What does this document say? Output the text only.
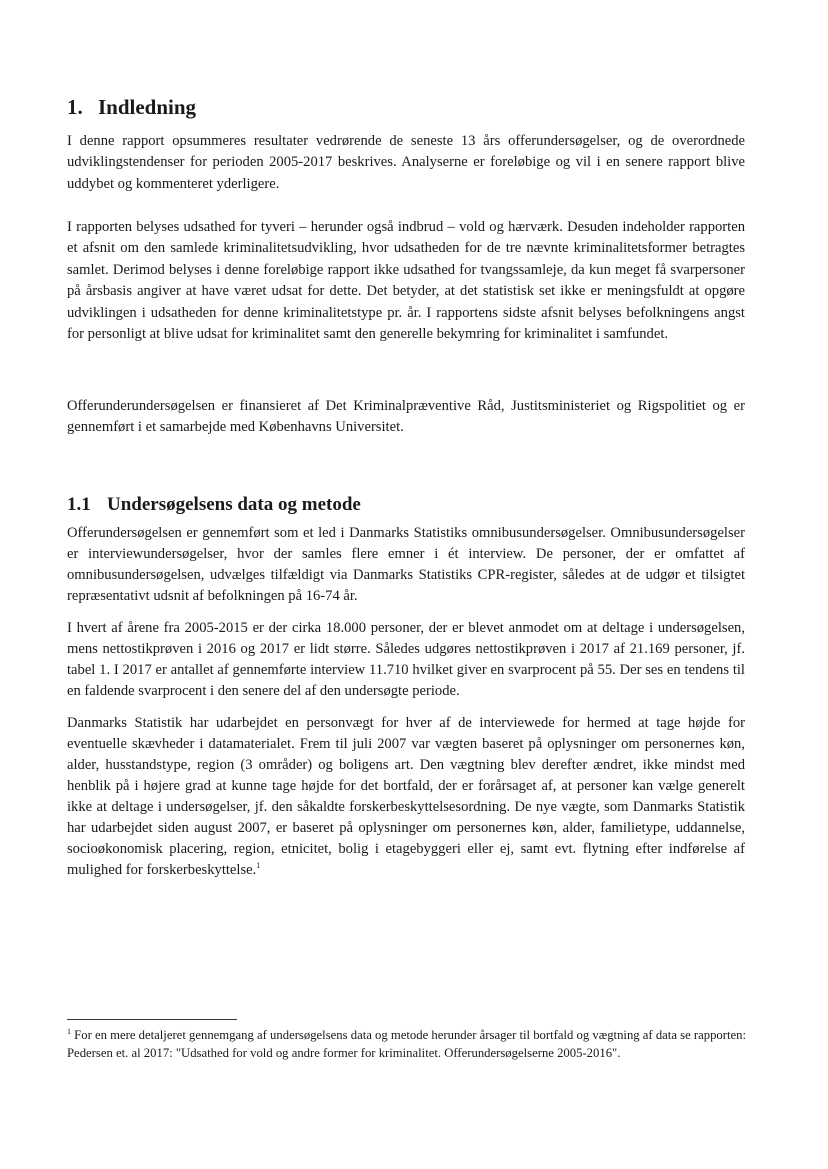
1. Indledning

I denne rapport opsummeres resultater vedrørende de seneste 13 års offerundersøgelser, og de overordnede udviklingstendenser for perioden 2005-2017 beskrives. Analyserne er foreløbige og vil i en senere rapport blive uddybet og kommenteret yderligere.

I rapporten belyses udsathed for tyveri – herunder også indbrud – vold og hærværk. Desuden indeholder rapporten et afsnit om den samlede kriminalitetsudvikling, hvor udsatheden for de tre nævnte kriminalitetsformer betragtes samlet. Derimod belyses i denne foreløbige rapport ikke udsathed for tvangssamleje, da kun meget få svarpersoner på årsbasis angiver at have været udsat for dette. Det betyder, at det statistisk set ikke er meningsfuldt at opgøre udviklingen i udsatheden for denne kriminalitetstype pr. år. I rapportens sidste afsnit belyses befolkningens angst for personligt at blive udsat for kriminalitet samt den generelle bekymring for kriminalitet i samfundet.

Offerunderundersøgelsen er finansieret af Det Kriminalpræventive Råd, Justitsministeriet og Rigspolitiet og er gennemført i et samarbejde med Københavns Universitet.

1.1 Undersøgelsens data og metode

Offerundersøgelsen er gennemført som et led i Danmarks Statistiks omnibusundersøgelser. Omnibusundersøgelser er interviewundersøgelser, hvor der samles flere emner i ét interview. De personer, der er omfattet af omnibusundersøgelsen, udvælges tilfældigt via Danmarks Statistiks CPR-register, således at de udgør et tilsigtet repræsentativt udsnit af befolkningen på 16-74 år.

I hvert af årene fra 2005-2015 er der cirka 18.000 personer, der er blevet anmodet om at deltage i undersøgelsen, mens nettostikprøven i 2016 og 2017 er lidt større. Således udgøres nettostikprøven i 2017 af 21.169 personer, jf. tabel 1. I 2017 er antallet af gennemførte interview 11.710 hvilket giver en svarprocent på 55. Der ses en tendens til en faldende svarprocent i den senere del af den undersøgte periode.

Danmarks Statistik har udarbejdet en personvægt for hver af de interviewede for hermed at tage højde for eventuelle skævheder i datamaterialet. Frem til juli 2007 var vægten baseret på oplysninger om personernes køn, alder, husstandstype, region (3 områder) og boligens art. Den vægtning blev derefter ændret, ikke mindst med henblik på i højere grad at kunne tage højde for det bortfald, der er forårsaget af, at personer kan vælge generelt ikke at deltage i undersøgelser, jf. den såkaldte forskerbeskyttelsesordning. De nye vægte, som Danmarks Statistik har udarbejdet siden august 2007, er baseret på oplysninger om personernes køn, alder, familietype, uddannelse, socioøkonomisk placering, region, etnicitet, bolig i etagebyggeri eller ej, samt evt. flytning efter indførelse af mulighed for forskerbeskyttelse.$^1$

$^1$ For en mere detaljeret gennemgang af undersøgelsens data og metode herunder årsager til bortfald og vægtning af data se rapporten: Pedersen et. al 2017: "Udsathed for vold og andre former for kriminalitet. Offerundersøgelserne 2005-2016".
